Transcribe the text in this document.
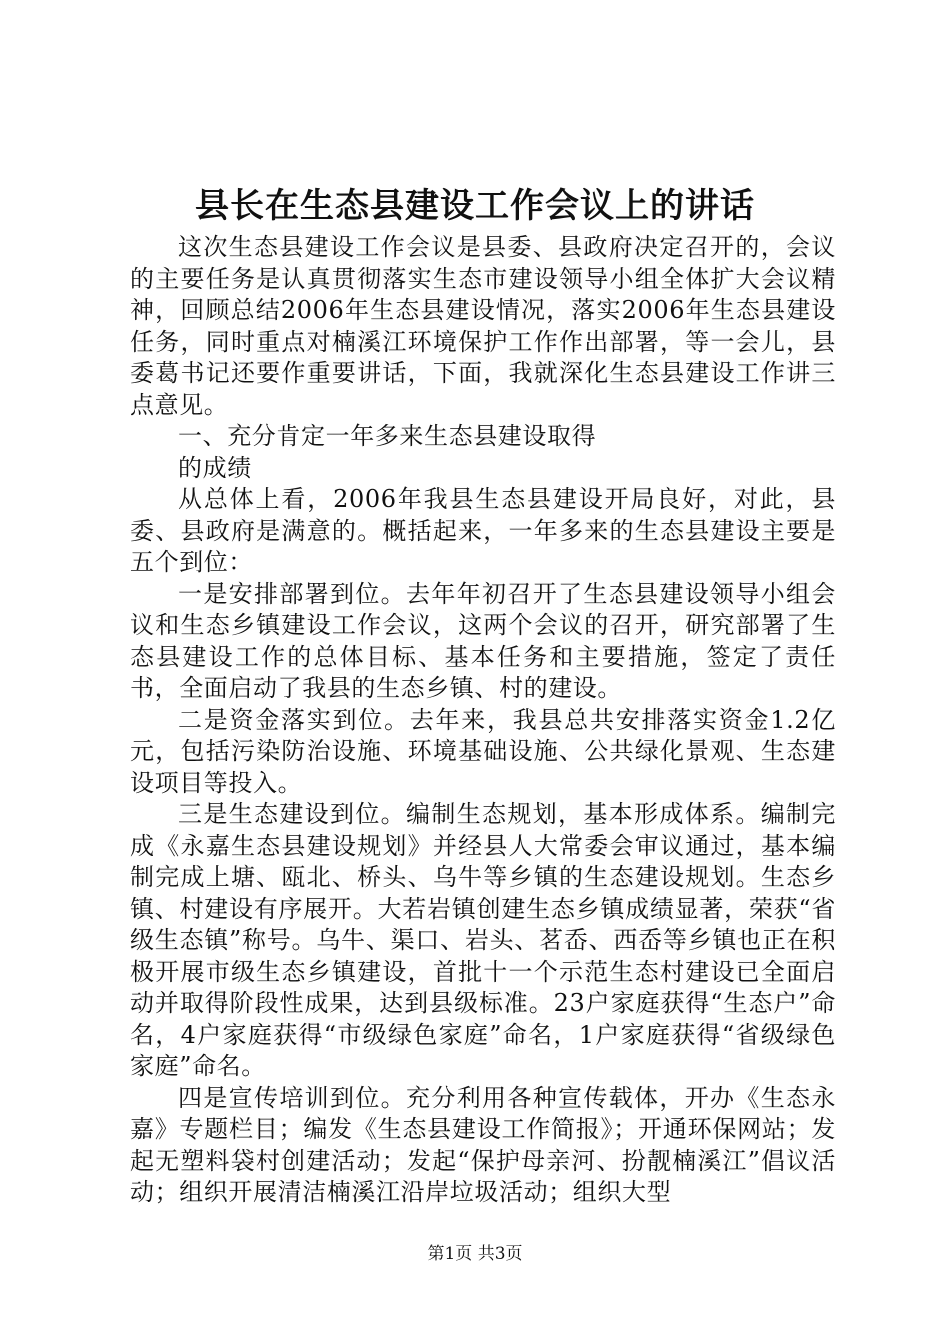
县长在生态县建设工作会议上的讲话

这次生态县建设工作会议是县委、县政府决定召开的，会议的主要任务是认真贯彻落实生态市建设领导小组全体扩大会议精神，回顾总结2006年生态县建设情况，落实2006年生态县建设任务，同时重点对楠溪江环境保护工作作出部署，等一会儿，县委葛书记还要作重要讲话，下面，我就深化生态县建设工作讲三点意见。

一、充分肯定一年多来生态县建设取得
的成绩

从总体上看，2006年我县生态县建设开局良好，对此，县委、县政府是满意的。概括起来，一年多来的生态县建设主要是五个到位：

一是安排部署到位。去年年初召开了生态县建设领导小组会议和生态乡镇建设工作会议，这两个会议的召开，研究部署了生态县建设工作的总体目标、基本任务和主要措施，签定了责任书，全面启动了我县的生态乡镇、村的建设。

二是资金落实到位。去年来，我县总共安排落实资金1.2亿元，包括污染防治设施、环境基础设施、公共绿化景观、生态建设项目等投入。

三是生态建设到位。编制生态规划，基本形成体系。编制完成《永嘉生态县建设规划》并经县人大常委会审议通过，基本编制完成上塘、瓯北、桥头、乌牛等乡镇的生态建设规划。生态乡镇、村建设有序展开。大若岩镇创建生态乡镇成绩显著，荣获“省级生态镇”称号。乌牛、渠口、岩头、茗岙、西岙等乡镇也正在积极开展市级生态乡镇建设，首批十一个示范生态村建设已全面启动并取得阶段性成果，达到县级标准。23户家庭获得“生态户”命名，4户家庭获得“市级绿色家庭”命名，1户家庭获得“省级绿色家庭”命名。

四是宣传培训到位。充分利用各种宣传载体，开办《生态永嘉》专题栏目；编发《生态县建设工作简报》；开通环保网站；发起无塑料袋村创建活动；发起“保护母亲河、扮靓楠溪江”倡议活动；组织开展清洁楠溪江沿岸垃圾活动；组织大型

第1页 共3页
